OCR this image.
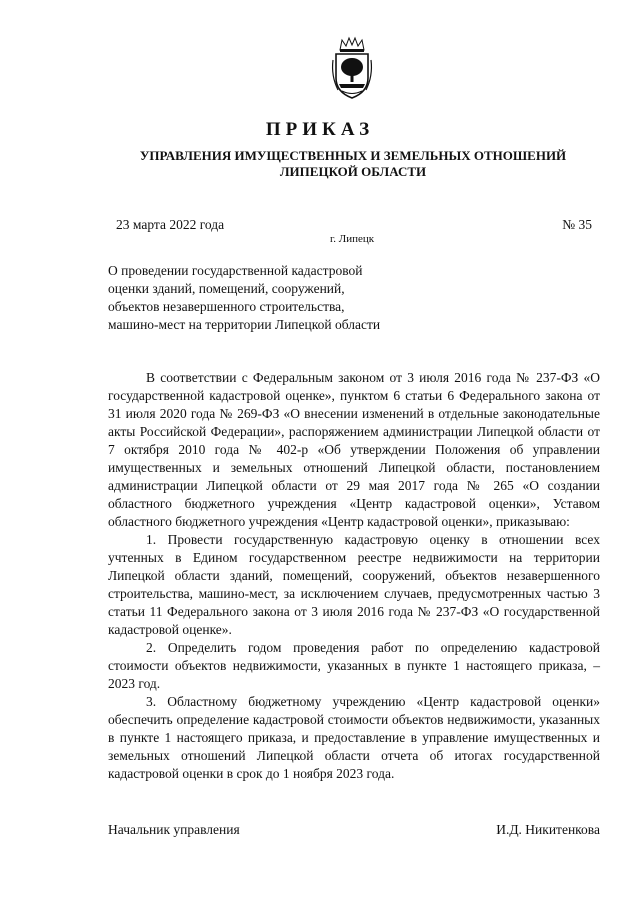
ПРИКАЗ
УПРАВЛЕНИЯ ИМУЩЕСТВЕННЫХ И ЗЕМЕЛЬНЫХ ОТНОШЕНИЙ
ЛИПЕЦКОЙ ОБЛАСТИ
23 марта 2022 года
г. Липецк
№ 35
О проведении государственной кадастровой
оценки зданий, помещений, сооружений,
объектов незавершенного строительства,
машино-мест на территории Липецкой области

В соответствии с Федеральным законом от 3 июля 2016 года № 237-ФЗ «О государственной кадастровой оценке», пунктом 6 статьи 6 Федерального закона от 31 июля 2020 года № 269-ФЗ «О внесении изменений в отдельные законодательные акты Российской Федерации», распоряжением администрации Липецкой области от 7 октября 2010 года № 402-р «Об утверждении Положения об управлении имущественных и земельных отношений Липецкой области, постановлением администрации Липецкой области от 29 мая 2017 года № 265 «О создании областного бюджетного учреждения «Центр кадастровой оценки», Уставом областного бюджетного учреждения «Центр кадастровой оценки», приказываю:

1. Провести государственную кадастровую оценку в отношении всех учтенных в Едином государственном реестре недвижимости на территории Липецкой области зданий, помещений, сооружений, объектов незавершенного строительства, машино-мест, за исключением случаев, предусмотренных частью 3 статьи 11 Федерального закона от 3 июля 2016 года № 237-ФЗ «О государственной кадастровой оценке».

2. Определить годом проведения работ по определению кадастровой стоимости объектов недвижимости, указанных в пункте 1 настоящего приказа, – 2023 год.

3. Областному бюджетному учреждению «Центр кадастровой оценки» обеспечить определение кадастровой стоимости объектов недвижимости, указанных в пункте 1 настоящего приказа, и предоставление в управление имущественных и земельных отношений Липецкой области отчета об итогах государственной кадастровой оценки в срок до 1 ноября 2023 года.

Начальник управления	И.Д. Никитенкова
